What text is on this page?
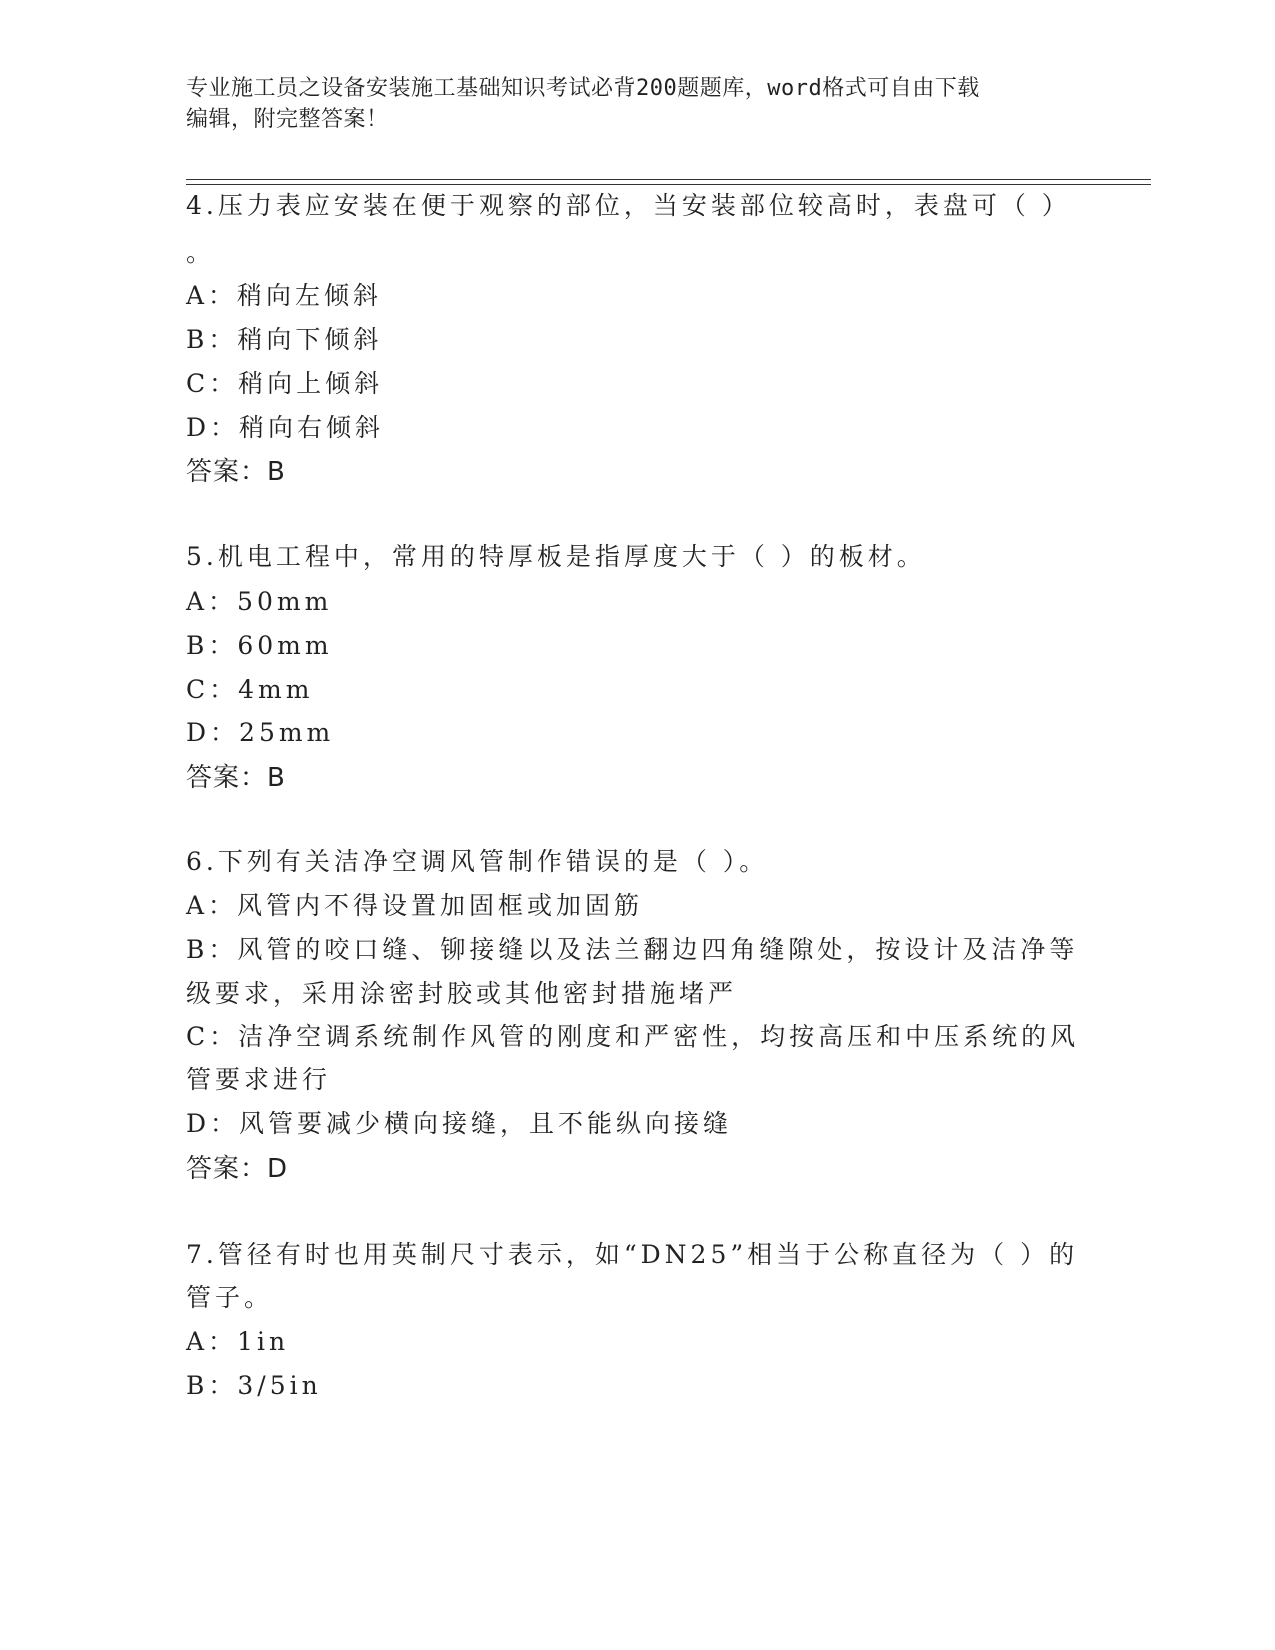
专业施工员之设备安装施工基础知识考试必背200题题库，word格式可自由下载
编辑，附完整答案！
4.压力表应安装在便于观察的部位，当安装部位较高时，表盘可（ ）
。
A：稍向左倾斜
B：稍向下倾斜
C：稍向上倾斜
D：稍向右倾斜
答案：B
5.机电工程中，常用的特厚板是指厚度大于（ ）的板材。
A：50mm
B：60mm
C：4mm
D：25mm
答案：B
6.下列有关洁净空调风管制作错误的是（ ）。
A：风管内不得设置加固框或加固筋
B：风管的咬口缝、铆接缝以及法兰翻边四角缝隙处，按设计及洁净等
级要求，采用涂密封胶或其他密封措施堵严
C：洁净空调系统制作风管的刚度和严密性，均按高压和中压系统的风
管要求进行
D：风管要减少横向接缝，且不能纵向接缝
答案：D
7.管径有时也用英制尺寸表示，如“DN25”相当于公称直径为（ ）的
管子。
A：1in
B：3/5in
